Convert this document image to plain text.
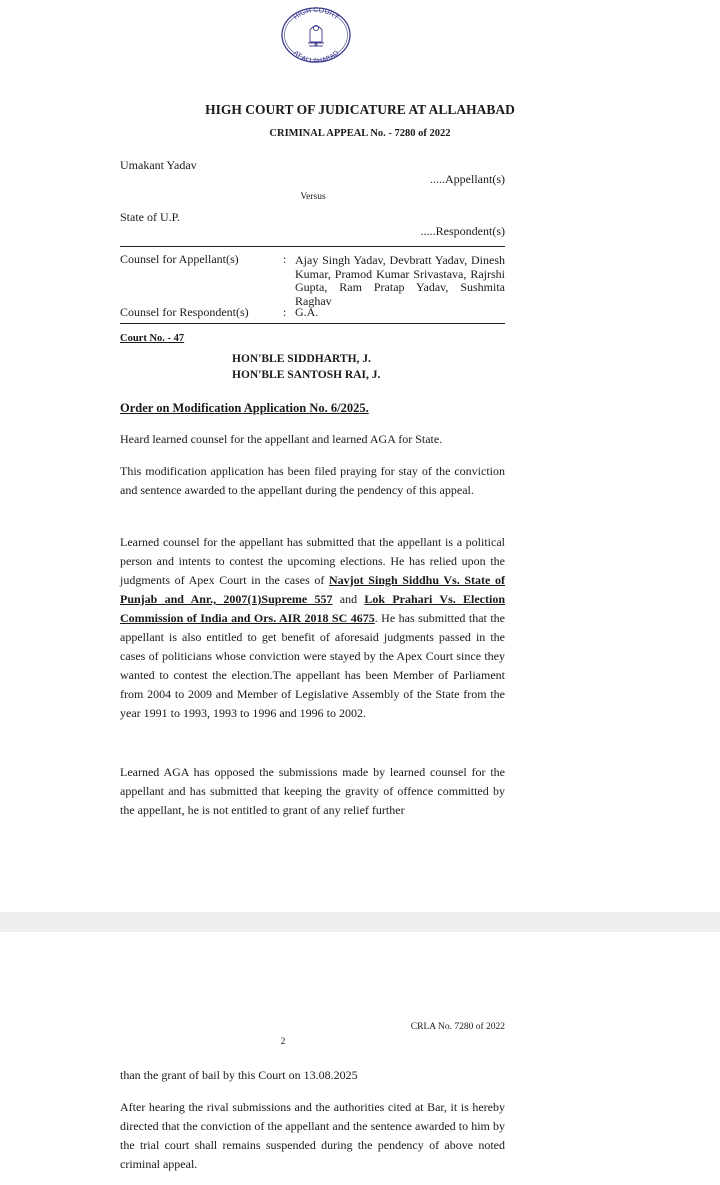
HIGH COURT
AT ALLAHABAD

HIGH COURT OF JUDICATURE AT ALLAHABAD

CRIMINAL APPEAL No. - 7280 of 2022

Umakant Yadav

.....Appellant(s)

Versus

State of U.P.

.....Respondent(s)

Counsel for Appellant(s)	: Ajay Singh Yadav, Devbratt Yadav, Dinesh Kumar, Pramod Kumar Srivastava, Rajrshi Gupta, Ram Pratap Yadav, Sushmita Raghav

Counsel for Respondent(s)	: G.A.

Court No. - 47

HON'BLE SIDDHARTH, J.

HON'BLE SANTOSH RAI, J.

Order on Modification Application No. 6/2025.

Heard learned counsel for the appellant and learned AGA for State.

This modification application has been filed praying for stay of the conviction and sentence awarded to the appellant during the pendency of this appeal.

Learned counsel for the appellant has submitted that the appellant is a political person and intents to contest the upcoming elections. He has relied upon the judgments of Apex Court in the cases of Navjot Singh Siddhu Vs. State of Punjab and Anr., 2007(1)Supreme 557 and Lok Prahari Vs. Election Commission of India and Ors. AIR 2018 SC 4675. He has submitted that the appellant is also entitled to get benefit of aforesaid judgments passed in the cases of politicians whose conviction were stayed by the Apex Court since they wanted to contest the election.The appellant has been Member of Parliament from 2004 to 2009 and Member of Legislative Assembly of the State from the year 1991 to 1993, 1993 to 1996 and 1996 to 2002.

Learned AGA has opposed the submissions made by learned counsel for the appellant and has submitted that keeping the gravity of offence committed by the appellant, he is not entitled to grant of any relief further

CRLA No. 7280 of 2022

2

than the grant of bail by this Court on 13.08.2025

After hearing the rival submissions and the authorities cited at Bar, it is hereby directed that the conviction of the appellant and the sentence awarded to him by the trial court shall remains suspended during the pendency of above noted criminal appeal.
